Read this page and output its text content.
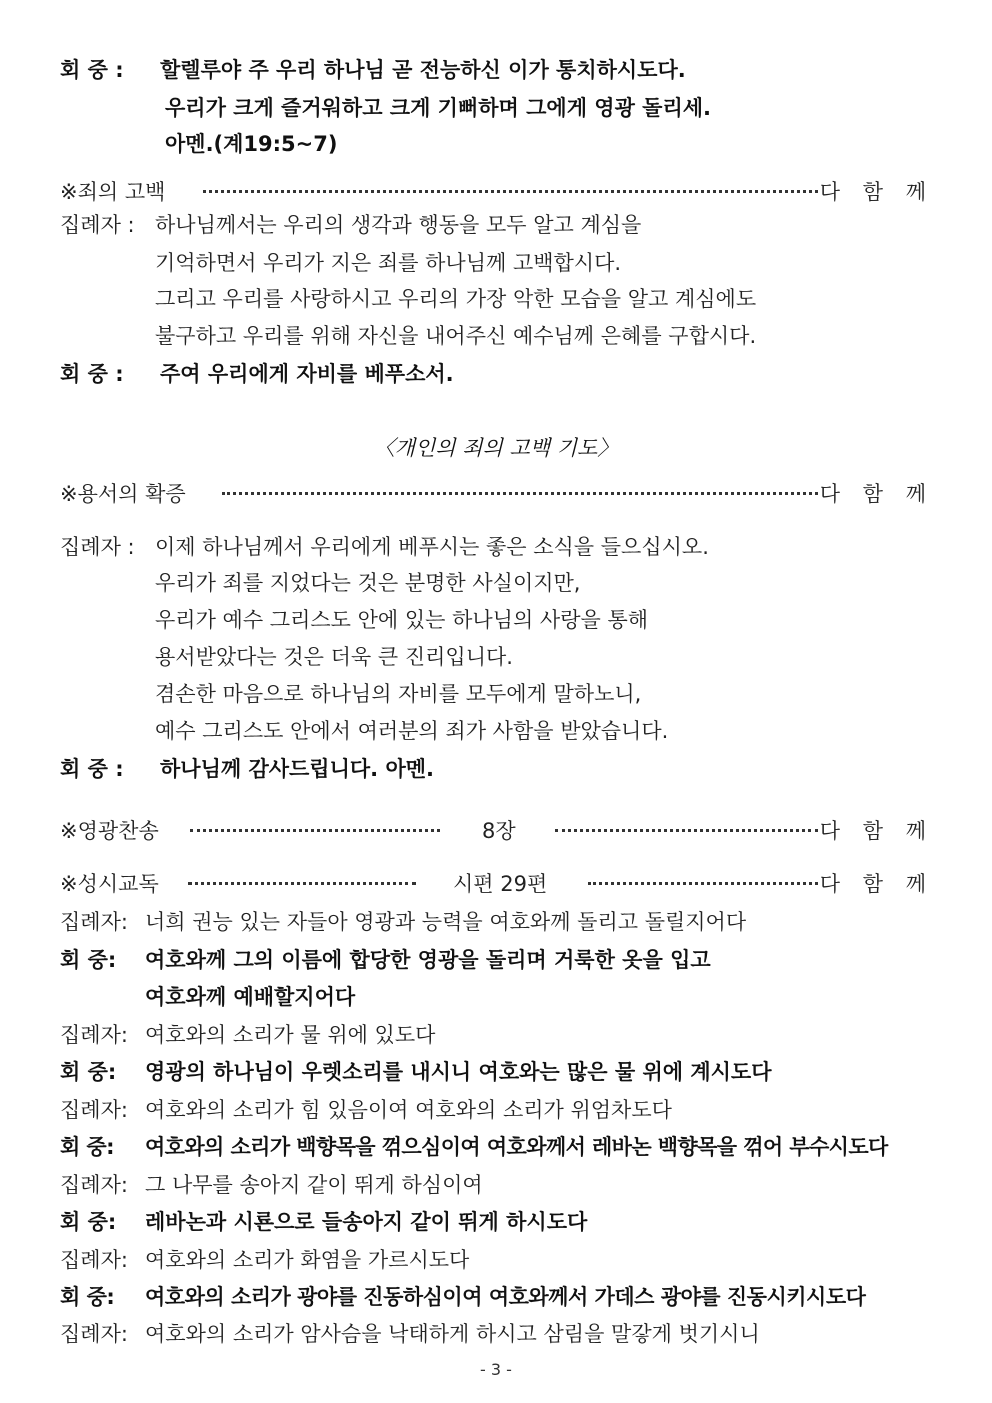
회 중 : 할렐루야 주 우리 하나님 곧 전능하신 이가 통치하시도다.
우리가 크게 즐거워하고 크게 기뻐하며 그에게 영광 돌리세.
아멘.(계19:5~7)
※죄의 고백	다 함 께
집례자 : 하나님께서는 우리의 생각과 행동을 모두 알고 계심을
기억하면서 우리가 지은 죄를 하나님께 고백합시다.
그리고 우리를 사랑하시고 우리의 가장 악한 모습을 알고 계심에도
불구하고 우리를 위해 자신을 내어주신 예수님께 은혜를 구합시다.
회 중 : 주여 우리에게 자비를 베푸소서.
〈개인의 죄의 고백 기도〉
※용서의 확증	다 함 께
집례자 : 이제 하나님께서 우리에게 베푸시는 좋은 소식을 들으십시오.
우리가 죄를 지었다는 것은 분명한 사실이지만,
우리가 예수 그리스도 안에 있는 하나님의 사랑을 통해
용서받았다는 것은 더욱 큰 진리입니다.
겸손한 마음으로 하나님의 자비를 모두에게 말하노니,
예수 그리스도 안에서 여러분의 죄가 사함을 받았습니다.
회 중 : 하나님께 감사드립니다. 아멘.
※영광찬송	8장	다 함 께
※성시교독	시편 29편	다 함 께
집례자: 너희 권능 있는 자들아 영광과 능력을 여호와께 돌리고 돌릴지어다
회 중: 여호와께 그의 이름에 합당한 영광을 돌리며 거룩한 옷을 입고
여호와께 예배할지어다
집례자: 여호와의 소리가 물 위에 있도다
회 중: 영광의 하나님이 우렛소리를 내시니 여호와는 많은 물 위에 계시도다
집례자: 여호와의 소리가 힘 있음이여 여호와의 소리가 위엄차도다
회 중: 여호와의 소리가 백향목을 꺾으심이여 여호와께서 레바논 백향목을 꺾어 부수시도다
집례자: 그 나무를 송아지 같이 뛰게 하심이여
회 중: 레바논과 시룐으로 들송아지 같이 뛰게 하시도다
집례자: 여호와의 소리가 화염을 가르시도다
회 중: 여호와의 소리가 광야를 진동하심이여 여호와께서 가데스 광야를 진동시키시도다
집례자: 여호와의 소리가 암사슴을 낙태하게 하시고 삼림을 말갛게 벗기시니
- 3 -
